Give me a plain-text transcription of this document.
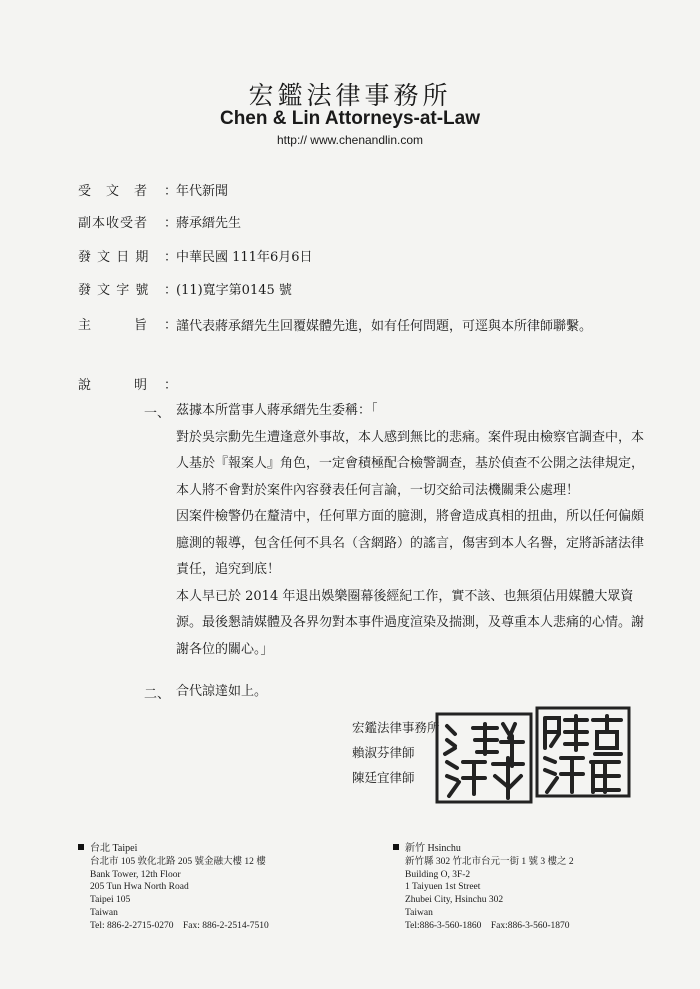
宏鑑法律事務所
Chen & Lin Attorneys-at-Law
http:// www.chenandlin.com
受　文　者 ：年代新聞
副本收受者 ：蔣承縉先生
發 文 日 期 ：中華民國 111年6月6日
發 文 字 號 ：(11)寬字第0145 號
主　　　旨 ：
謹代表蔣承縉先生回覆媒體先進，如有任何問題，可逕與本所律師聯繫。
說　　　明 ：
一、 茲據本所當事人蔣承縉先生委稱：「

對於吳宗勳先生遭逢意外事故，本人感到無比的悲痛。案件現由檢察官調查中，本人基於『報案人』角色，一定會積極配合檢警調查，基於偵查不公開之法律規定，本人將不會對於案件內容發表任何言論，一切交給司法機關秉公處理！

因案件檢警仍在釐清中，任何單方面的臆測，將會造成真相的扭曲，所以任何偏頗臆測的報導，包含任何不具名（含網路）的謠言，傷害到本人名譽，定將訴諸法律責任，追究到底！

本人早已於 2014 年退出娛樂圈幕後經紀工作，實不該、也無須佔用媒體大眾資源。最後懇請媒體及各界勿對本事件過度渲染及揣測，及尊重本人悲痛的心情。謝謝各位的關心。」

二、 合代諒達如上。
宏鑑法律事務所
賴淑芬律師
陳廷宜律師
台北 Taipei
台北市 105 敦化北路 205 號金融大樓 12 樓
Bank Tower, 12th Floor
205 Tun Hwa North Road
Taipei 105
Taiwan
Tel: 886-2-2715-0270　Fax: 886-2-2514-7510
新竹 Hsinchu
新竹縣 302 竹北市台元一街 1 號 3 樓之 2
Building O, 3F-2
1 Taiyuen 1st Street
Zhubei City, Hsinchu 302
Taiwan
Tel:886-3-560-1860　Fax:886-3-560-1870
